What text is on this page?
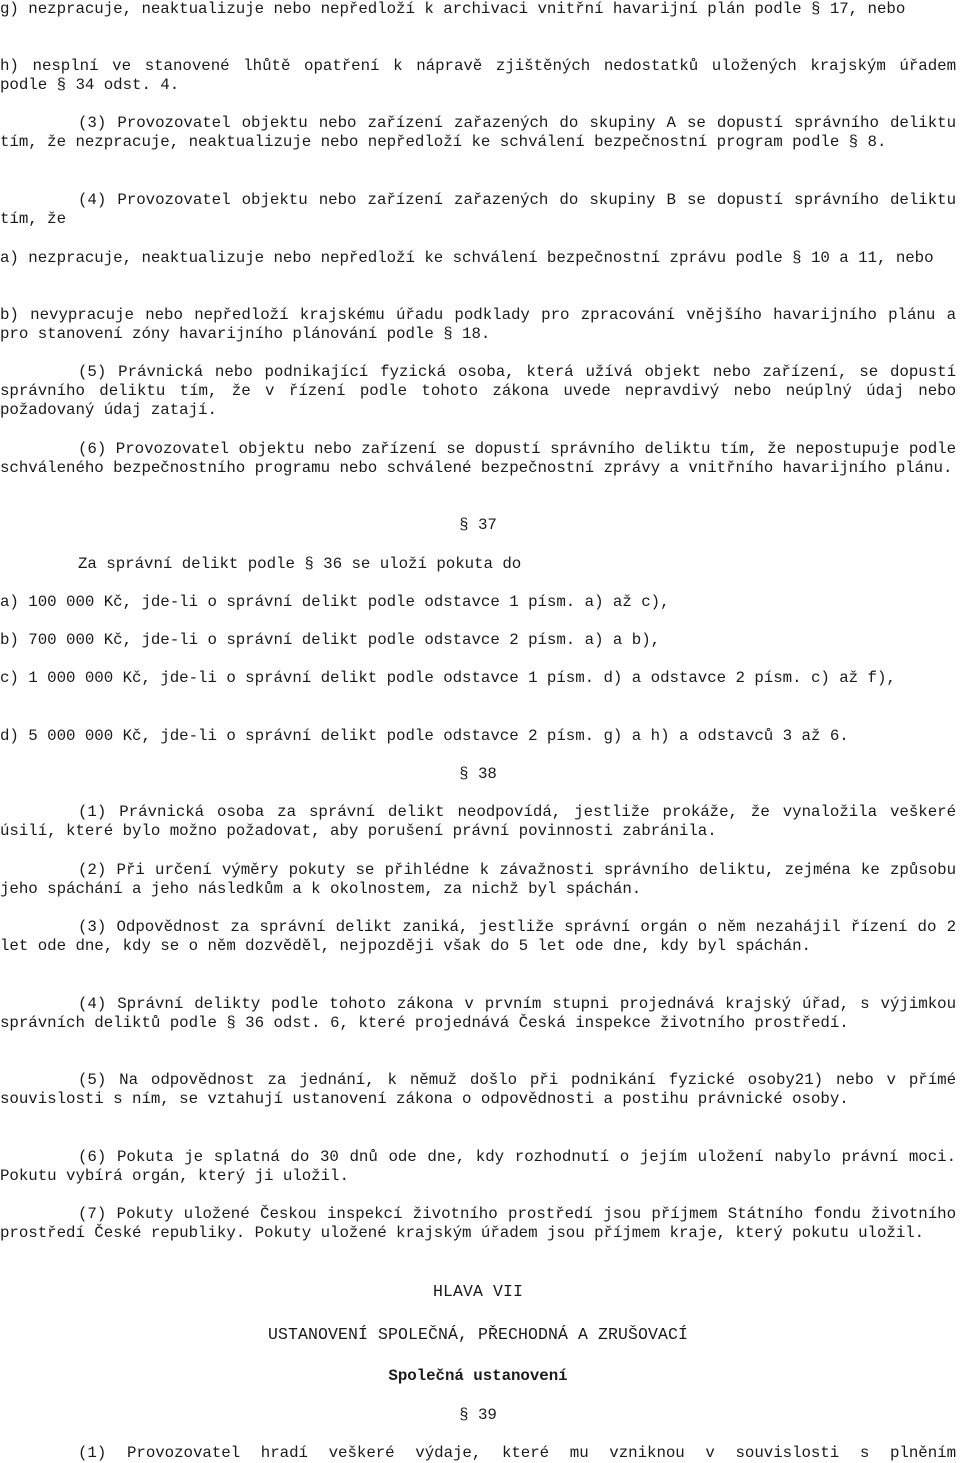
g) nezpracuje, neaktualizuje nebo nepředloží k archivaci vnitřní havarijní plán podle § 17, nebo

h) nesplní ve stanovené lhůtě opatření k nápravě zjištěných nedostatků uložených krajským úřadem podle § 34 odst. 4.

(3) Provozovatel objektu nebo zařízení zařazených do skupiny A se dopustí správního deliktu tím, že nezpracuje, neaktualizuje nebo nepředloží ke schválení bezpečnostní program podle § 8.

(4) Provozovatel objektu nebo zařízení zařazených do skupiny B se dopustí správního deliktu tím, že

a) nezpracuje, neaktualizuje nebo nepředloží ke schválení bezpečnostní zprávu podle § 10 a 11, nebo

b) nevypracuje nebo nepředloží krajskému úřadu podklady pro zpracování vnějšího havarijního plánu a pro stanovení zóny havarijního plánování podle § 18.

(5) Právnická nebo podnikající fyzická osoba, která užívá objekt nebo zařízení, se dopustí správního deliktu tím, že v řízení podle tohoto zákona uvede nepravdivý nebo neúplný údaj nebo požadovaný údaj zatají.

(6) Provozovatel objektu nebo zařízení se dopustí správního deliktu tím, že nepostupuje podle schváleného bezpečnostního programu nebo schválené bezpečnostní zprávy a vnitřního havarijního plánu.

§ 37

Za správní delikt podle § 36 se uloží pokuta do

a) 100 000 Kč, jde-li o správní delikt podle odstavce 1 písm. a) až c),

b) 700 000 Kč, jde-li o správní delikt podle odstavce 2 písm. a) a b),

c) 1 000 000 Kč, jde-li o správní delikt podle odstavce 1 písm. d) a odstavce 2 písm. c) až f),

d) 5 000 000 Kč, jde-li o správní delikt podle odstavce 2 písm. g) a h) a odstavců 3 až 6.

§ 38

(1) Právnická osoba za správní delikt neodpovídá, jestliže prokáže, že vynaložila veškeré úsilí, které bylo možno požadovat, aby porušení právní povinnosti zabránila.

(2) Při určení výměry pokuty se přihlédne k závažnosti správního deliktu, zejména ke způsobu jeho spáchání a jeho následkům a k okolnostem, za nichž byl spáchán.

(3) Odpovědnost za správní delikt zaniká, jestliže správní orgán o něm nezahájil řízení do 2 let ode dne, kdy se o něm dozvěděl, nejpozději však do 5 let ode dne, kdy byl spáchán.

(4) Správní delikty podle tohoto zákona v prvním stupni projednává krajský úřad, s výjimkou správních deliktů podle § 36 odst. 6, které projednává Česká inspekce životního prostředí.

(5) Na odpovědnost za jednání, k němuž došlo při podnikání fyzické osoby21) nebo v přímé souvislosti s ním, se vztahují ustanovení zákona o odpovědnosti a postihu právnické osoby.

(6) Pokuta je splatná do 30 dnů ode dne, kdy rozhodnutí o jejím uložení nabylo právní moci. Pokutu vybírá orgán, který ji uložil.

(7) Pokuty uložené Českou inspekcí životního prostředí jsou příjmem Státního fondu životního prostředí České republiky. Pokuty uložené krajským úřadem jsou příjmem kraje, který pokutu uložil.

HLAVA VII

USTANOVENÍ SPOLEČNÁ, PŘECHODNÁ A ZRUŠOVACÍ

Společná ustanovení

§ 39

(1) Provozovatel hradí veškeré výdaje, které mu vzniknou v souvislosti s plněním
